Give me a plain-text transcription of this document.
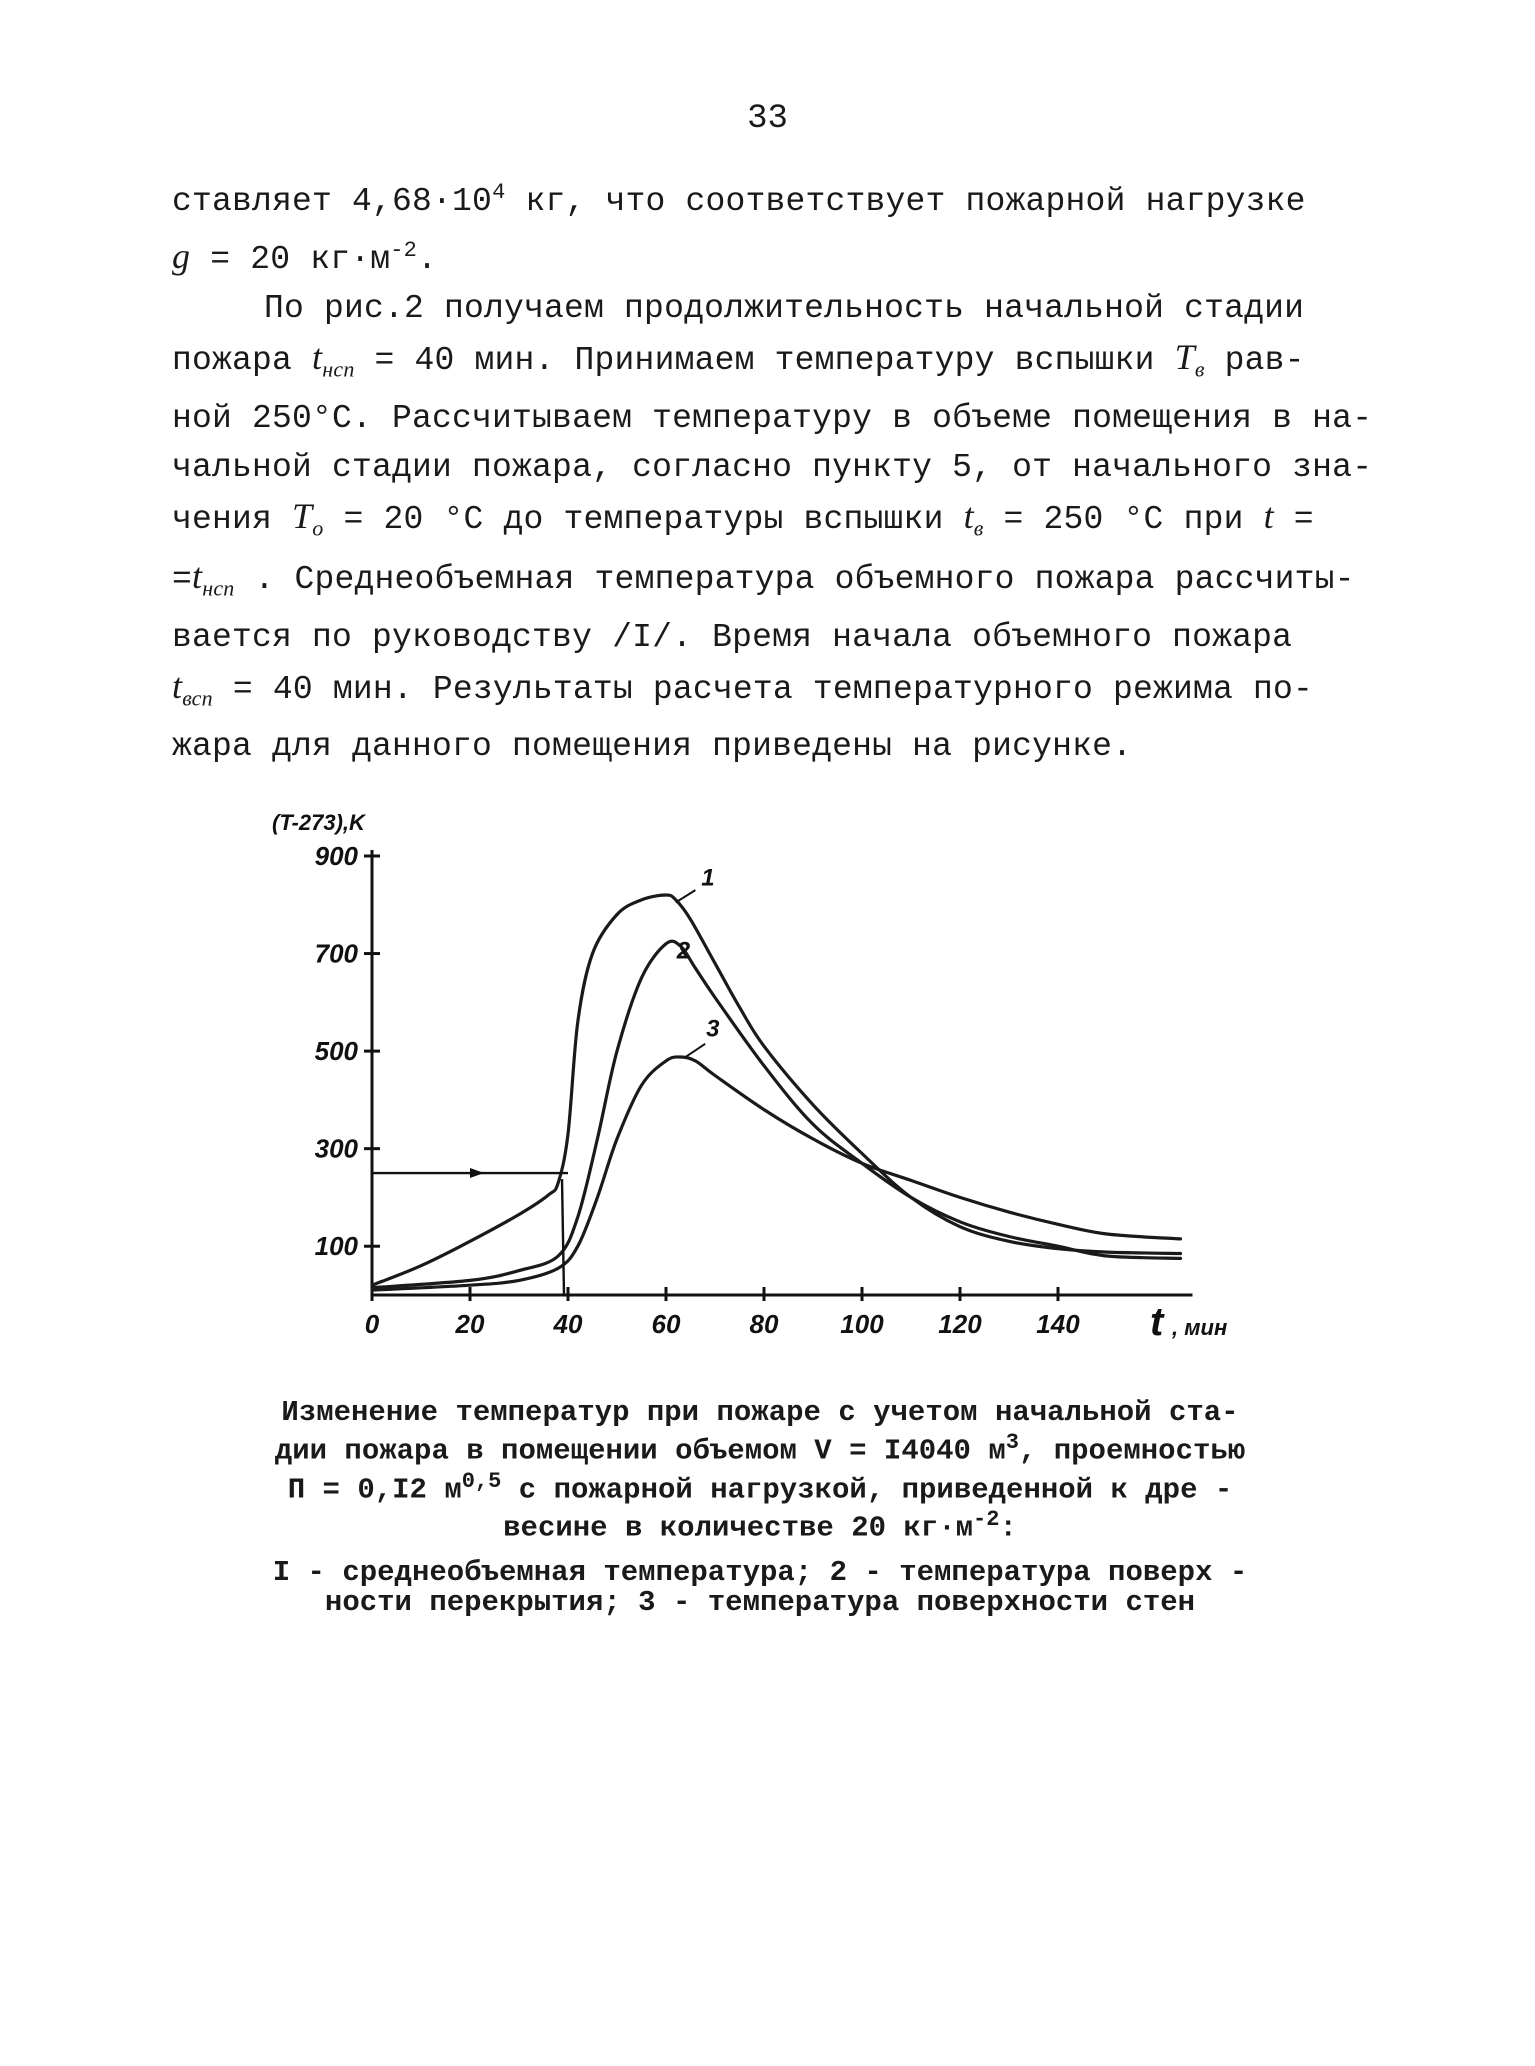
33
ставляет $4,68\cdot 10^4$ кг, что соответствует пожарной нагрузке
g = 20 $кг\cdot м^{-2}$.
По рис.2 получаем продолжительность начальной стадии
пожара $t_{нсп} = 40$ мин. Принимаем температуру вспышки $T_в$ рав-
ной 250°С. Рассчитываем температуру в объеме помещения в на-
чальной стадии пожара, согласно пункту 5, от начального зна-
чения $T_o = 20$ °С до температуры вспышки $t_в = 250$ °С при t =
$=t_{нсп}$ . Среднеобъемная температура объемного пожара рассчиты-
вается по руководству /I/. Время начала объемного пожара
$t_{всп} = 40$ мин. Результаты расчета температурного режима по-
жара для данного помещения приведены на рисунке.
(T-273),K
t , мин
100
300
500
700
900
0	20	40	60	80 100 120 140
1
2
3
Изменение температур при пожаре с учетом начальной ста-
дии пожара в помещении объемом V = I4040 $м^3$, проемностью
П = 0,I2 $м^{0,5}$ с пожарной нагрузкой, приведенной к дре -
весине в количестве 20 $кг\cdot м^{-2}$:
I - среднеобъемная температура; 2 - температура поверх -
ности перекрытия; 3 - температура поверхности стен
